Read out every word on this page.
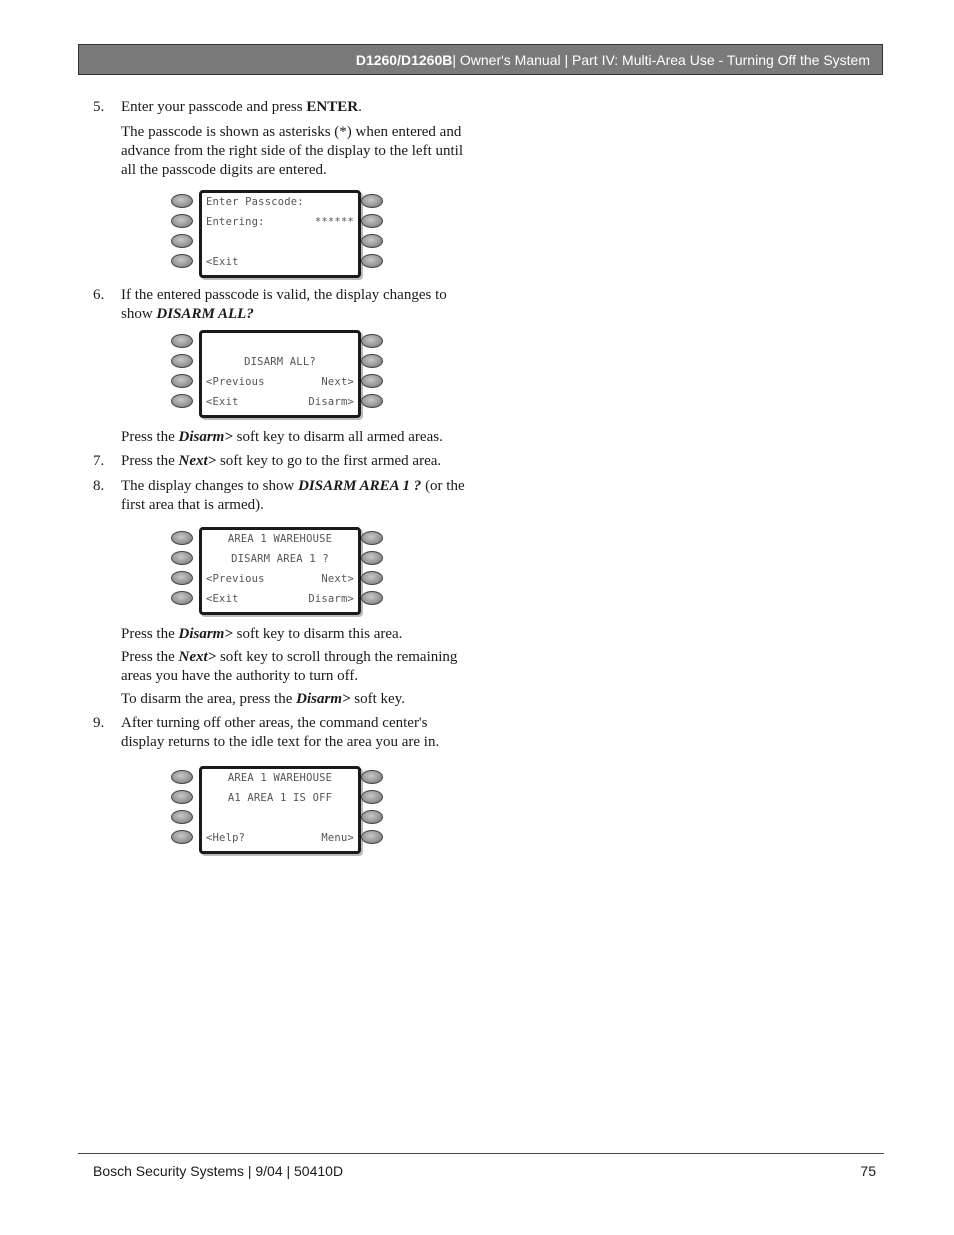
D1260/D1260B | Owner's Manual | Part IV: Multi-Area Use - Turning Off the System

5. Enter your passcode and press ENTER.

The passcode is shown as asterisks (*) when entered and advance from the right side of the display to the left until all the passcode digits are entered.

Enter Passcode:
Entering:	******
<Exit

6. If the entered passcode is valid, the display changes to show DISARM ALL?

DISARM ALL?
<Previous	Next>
<Exit	Disarm>

Press the Disarm> soft key to disarm all armed areas.

7. Press the Next> soft key to go to the first armed area.

8. The display changes to show DISARM AREA 1 ? (or the first area that is armed).

AREA 1 WAREHOUSE
DISARM AREA 1 ?
<Previous	Next>
<Exit	Disarm>

Press the Disarm> soft key to disarm this area.

Press the Next> soft key to scroll through the remaining areas you have the authority to turn off.

To disarm the area, press the Disarm> soft key.

9. After turning off other areas, the command center's display returns to the idle text for the area you are in.

AREA 1 WAREHOUSE
A1 AREA 1 IS OFF
<Help?	Menu>
Bosch Security Systems | 9/04 | 50410D	75
